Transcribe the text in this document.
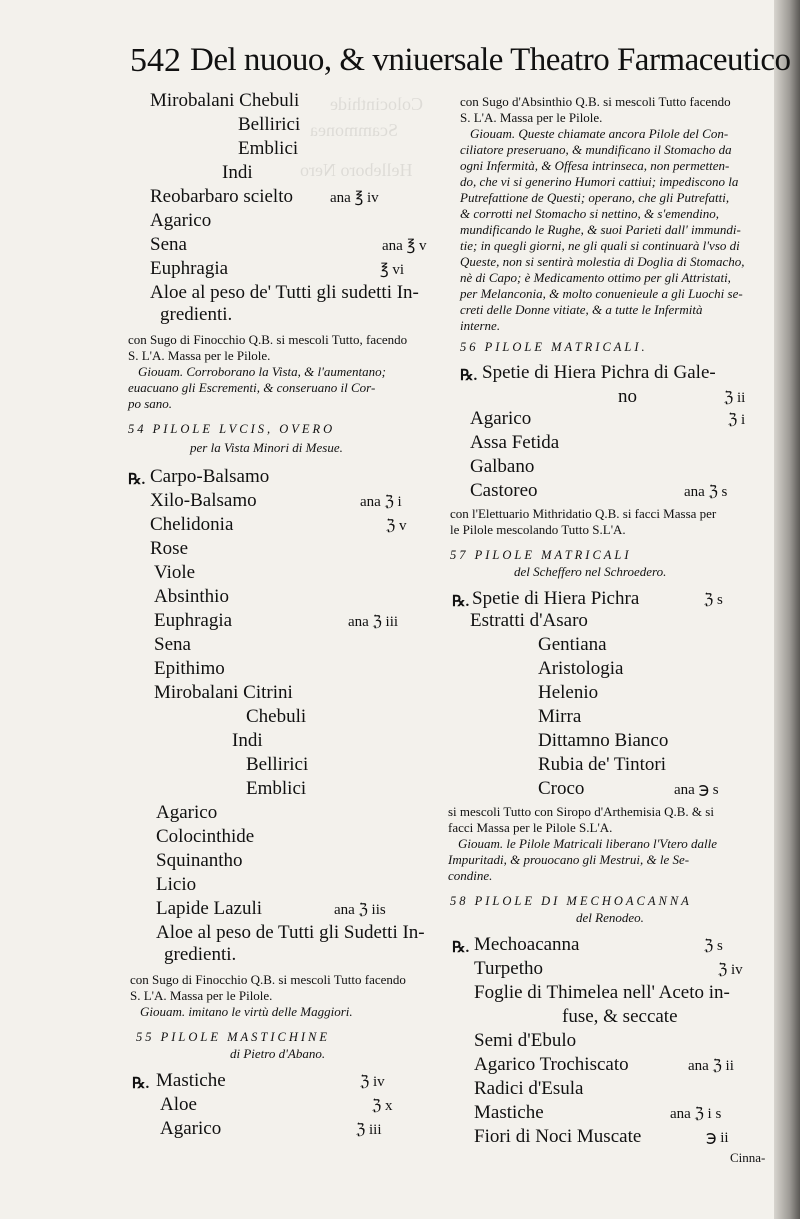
Colocinthide
Scammonea
Helleboro Nero
542 Del nuouo, & vniuersale Theatro Farmaceutico
Mirobalani Chebuli
Bellirici
Emblici
Indi
Reobarbaro scielto ana ℥ iv
Agarico
Sena	ana ℥ v
Euphragia	℥ vi
Aloe al peso de' Tutti gli sudetti In-
gredienti.
con Sugo di Finocchio Q.B. si mescoli Tutto, facendo
S. L'A. Massa per le Pilole.
Giouam. Corroborano la Vista, & l'aumentano;
euacuano gli Escrementi, & conseruano il Cor-
po sano.
54 PILOLE LVCIS, OVERO
per la Vista Minori di Mesue.
℞. Carpo-Balsamo
Xilo-Balsamo	ana ℨ i
Chelidonia	ℨ v
Rose
Viole
Absinthio
Euphragia	ana ℨ iii
Sena
Epithimo
Mirobalani Citrini
Chebuli
Indi
Bellirici
Emblici
Agarico
Colocinthide
Squinantho
Licio
Lapide Lazuli	ana ℨ iis
Aloe al peso de Tutti gli Sudetti In-
gredienti.
con Sugo di Finocchio Q.B. si mescoli Tutto facendo
S. L'A. Massa per le Pilole.
Giouam. imitano le virtù delle Maggiori.
55 PILOLE MASTICHINE
di Pietro d'Abano.
℞. Mastiche	ℨ iv
Aloe	ℨ x
Agarico	ℨ iii
con Sugo d'Absinthio Q.B. si mescoli Tutto facendo
S. L'A. Massa per le Pilole.
Giouam. Queste chiamate ancora Pilole del Con-
ciliatore preseruano, & mundificano il Stomacho da
ogni Infermità, & Offesa intrinseca, non permetten-
do, che vi si generino Humori cattiui; impediscono la
Putrefattione de Questi; operano, che gli Putrefatti,
& corrotti nel Stomacho si nettino, & s'emendino,
mundificando le Rughe, & suoi Parieti dall' immundi-
tie; in quegli giorni, ne gli quali si continuarà l'vso di
Queste, non si sentirà molestia di Doglia di Stomacho,
nè di Capo; è Medicamento ottimo per gli Attristati,
per Melanconia, & molto conuenieule a gli Luochi se-
creti delle Donne vitiate, & a tutte le Infermità
interne.
56 PILOLE MATRICALI.
℞. Spetie di Hiera Pichra di Gale-
no	ℨ ii
Agarico	ℨ i
Assa Fetida
Galbano
Castoreo	ana ℨ s
con l'Elettuario Mithridatio Q.B. si facci Massa per
le Pilole mescolando Tutto S.L'A.
57 PILOLE MATRICALI
del Scheffero nel Schroedero.
℞. Spetie di Hiera Pichra	ℨ s
Estratti d'Asaro
Gentiana
Aristologia
Helenio
Mirra
Dittamno Bianco
Rubia de' Tintori
Croco	ana ℈ s
si mescoli Tutto con Siropo d'Arthemisia Q.B. & si
facci Massa per le Pilole S.L'A.
Giouam. le Pilole Matricali liberano l'Vtero dalle
Impuritadi, & prouocano gli Mestrui, & le Se-
condine.
58 PILOLE DI MECHOACANNA
del Renodeo.
℞. Mechoacanna	ℨ s
Turpetho	ℨ iv
Foglie di Thimelea nell' Aceto in-
fuse, & seccate
Semi d'Ebulo
Agarico Trochiscato	ana ℨ ii
Radici d'Esula
Mastiche	ana ℨ i s
Fiori di Noci Muscate	℈ ii
Cinna-
